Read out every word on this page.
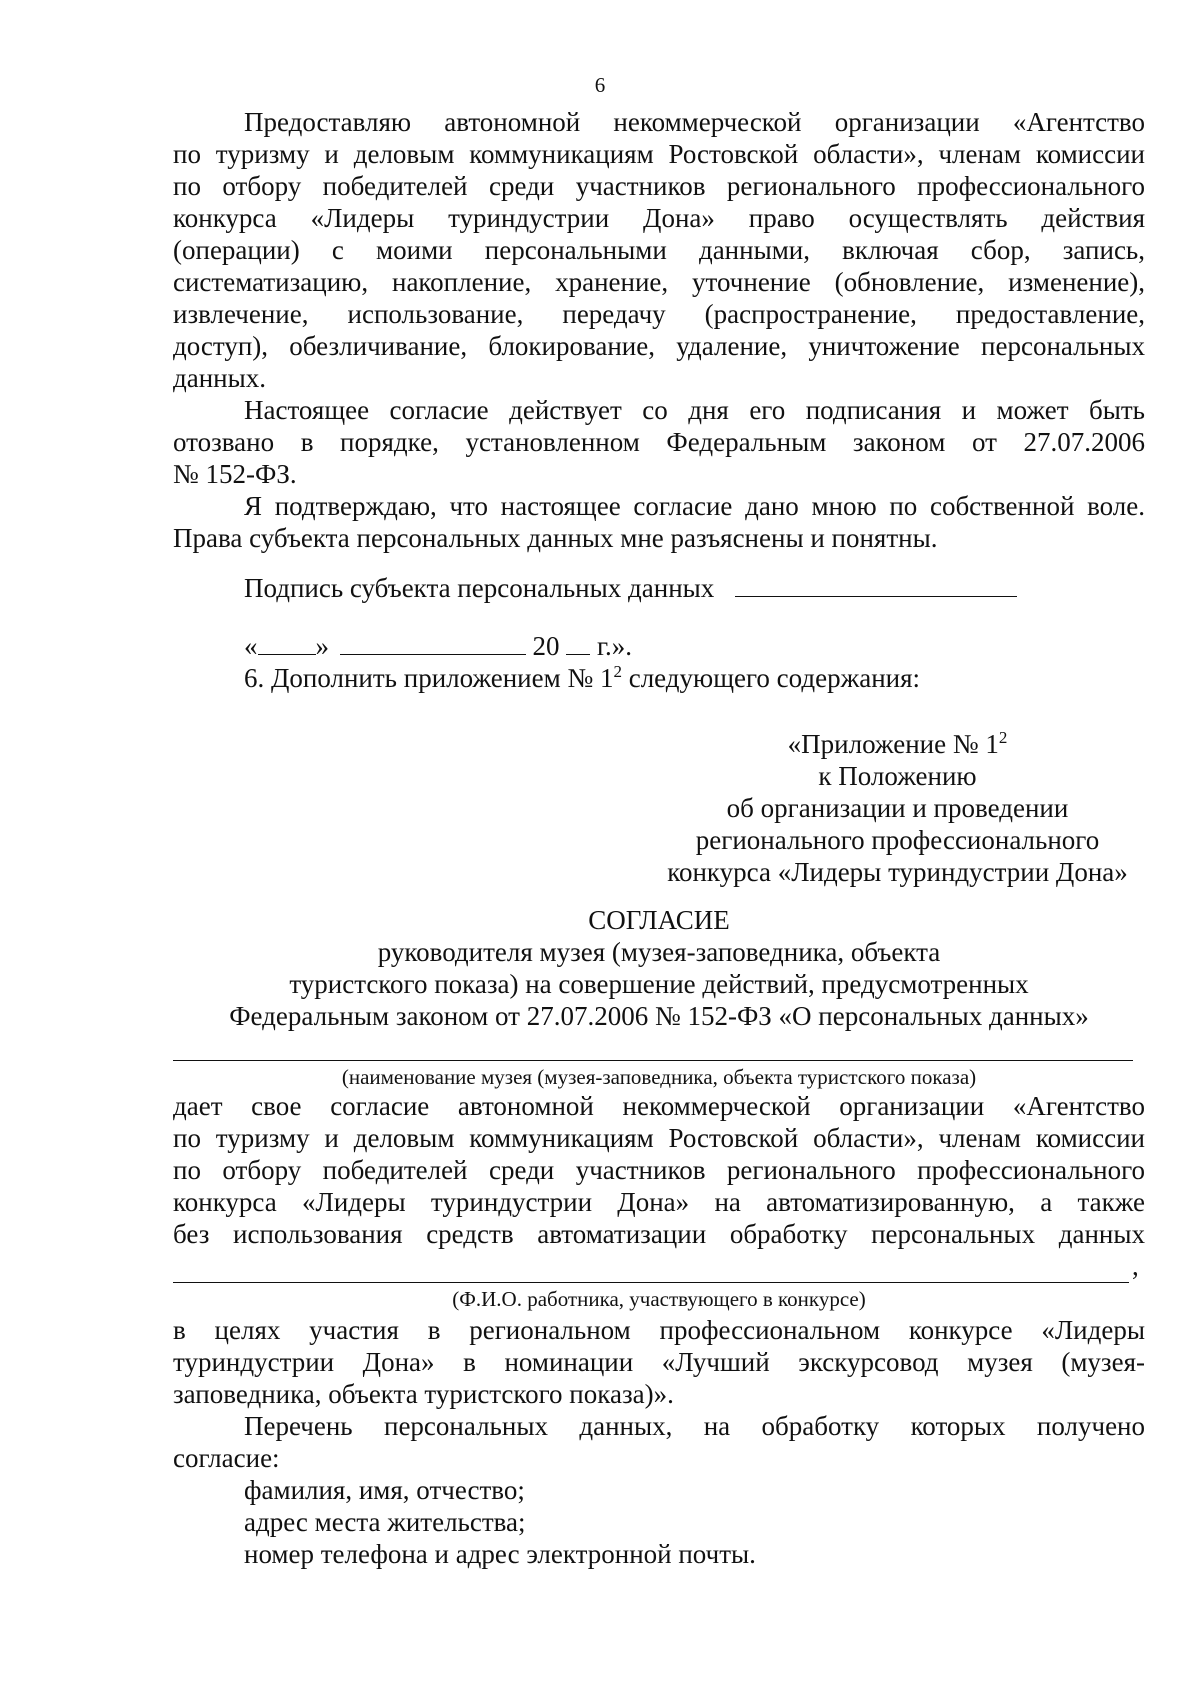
6

Предоставляю автономной некоммерческой организации «Агентство

по туризму и деловым коммуникациям Ростовской области», членам комиссии

по отбору победителей среди участников регионального профессионального

конкурса «Лидеры туриндустрии Дона» право осуществлять действия

(операции) с моими персональными данными, включая сбор, запись,

систематизацию, накопление, хранение, уточнение (обновление, изменение),

извлечение, использование, передачу (распространение, предоставление,

доступ), обезличивание, блокирование, удаление, уничтожение персональных

данных.

Настоящее согласие действует со дня его подписания и может быть

отозвано в порядке, установленном Федеральным законом от 27.07.2006

№ 152-ФЗ.

Я подтверждаю, что настоящее согласие дано мною по собственной воле.

Права субъекта персональных данных мне разъяснены и понятны.

Подпись субъекта персональных данных

« »	20 г.».

6. Дополнить приложением № $1^2$ следующего содержания:

«Приложение № $1^2$
к Положению
об организации и проведении
регионального профессионального
конкурса «Лидеры туриндустрии Дона»

СОГЛАСИЕ

руководителя музея (музея-заповедника, объекта

туристского показа) на совершение действий, предусмотренных

Федеральным законом от 27.07.2006 № 152-ФЗ «О персональных данных»

(наименование музея (музея-заповедника, объекта туристского показа)

дает свое согласие автономной некоммерческой организации «Агентство

по туризму и деловым коммуникациям Ростовской области», членам комиссии

по отбору победителей среди участников регионального профессионального

конкурса «Лидеры туриндустрии Дона» на автоматизированную, а также

без использования средств автоматизации обработку персональных данных

,
(Ф.И.О. работника, участвующего в конкурсе)

в целях участия в региональном профессиональном конкурсе «Лидеры

туриндустрии Дона» в номинации «Лучший экскурсовод музея (музея-

заповедника, объекта туристского показа)».

Перечень персональных данных, на обработку которых получено

согласие:

фамилия, имя, отчество;

адрес места жительства;

номер телефона и адрес электронной почты.
